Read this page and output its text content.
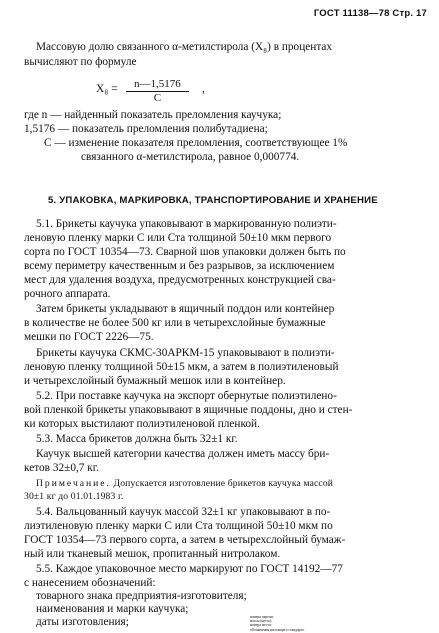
ГОСТ 11138—78 Стр. 17
Массовую долю связанного α-метилстирола (X₈) в процентах
вычисляют по формуле
$X_8 = \frac{n—1,5176}{C}$	,
где n — найденный показатель преломления каучука;
1,5176 — показатель преломления полибутадиена;
C — изменение показателя преломления, соответствующее 1%
связанного α-метилстирола, равное 0,000774.
5. УПАКОВКА, МАРКИРОВКА, ТРАНСПОРТИРОВАНИЕ И ХРАНЕНИЕ
5.1. Брикеты каучука упаковывают в маркированную полиэти-
леновую пленку марки С или Ста толщиной 50±10 мкм первого
сорта по ГОСТ 10354—73. Сварной шов упаковки должен быть по
всему периметру качественным и без разрывов, за исключением
мест для удаления воздуха, предусмотренных конструкцией сва-
рочного аппарата.
Затем брикеты укладывают в ящичный поддон или контейнер
в количестве не более 500 кг или в четырехслойные бумажные
мешки по ГОСТ 2226—75.
Брикеты каучука СКМС-30АРКМ-15 упаковывают в полиэти-
леновую пленку толщиной 50±15 мкм, а затем в полиэтиленовый
и четырехслойный бумажный мешок или в контейнер.
5.2. При поставке каучука на экспорт обернутые полиэтилено-
вой пленкой брикеты упаковывают в ящичные поддоны, дно и стен-
ки которых выстилают полиэтиленовой пленкой.
5.3. Масса брикетов должна быть 32±1 кг.
Каучук высшей категории качества должен иметь массу бри-
кетов 32±0,7 кг.
Примечание. Допускается изготовление брикетов каучука массой
30±1 кг до 01.01.1983 г.
5.4. Вальцованный каучук массой 32±1 кг упаковывают в по-
лиэтиленовую пленку марки С или Ста толщиной 50±10 мкм по
ГОСТ 10354—73 первого сорта, а затем в четырехслойный бумаж-
ный или тканевый мешок, пропитанный нитролаком.
5.5. Каждое упаковочное место маркируют по ГОСТ 14192—77
с нанесением обозначений:
товарного знака предприятия-изготовителя;
наименования и марки каучука;
даты изготовления;	номера партии;
массы (нетто);
номера места;
обозначения настоящего стандарта.
